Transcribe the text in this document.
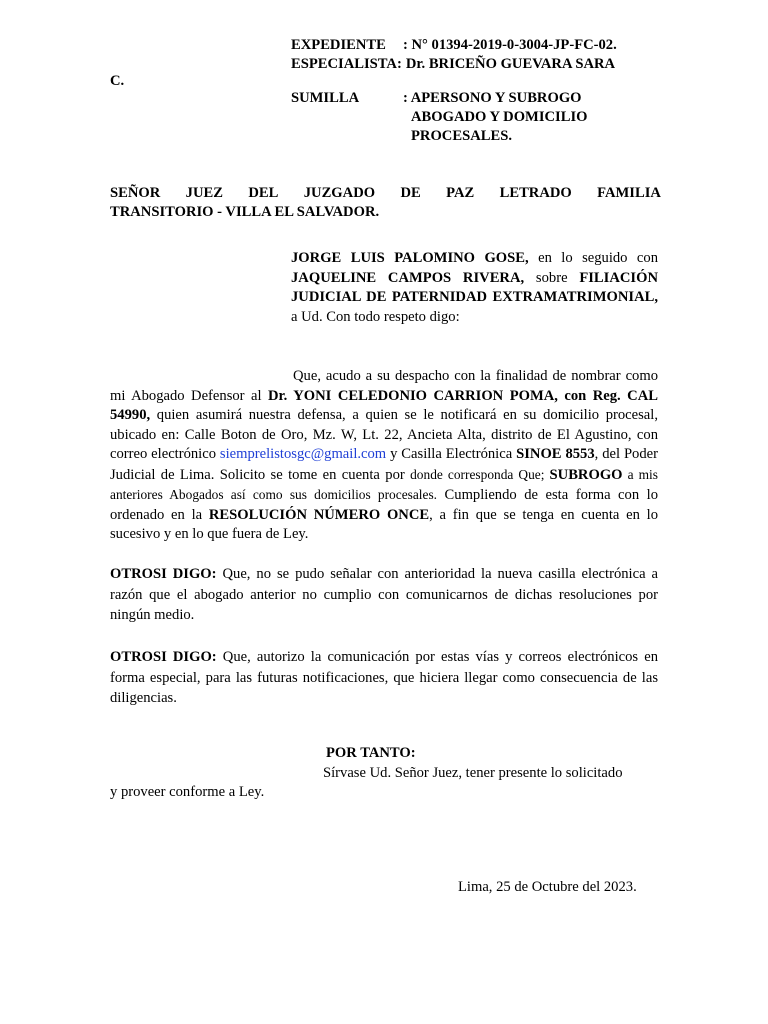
EXPEDIENTE	: N° 01394-2019-0-3004-JP-FC-02.
ESPECIALISTA: Dr. BRICEÑO GUEVARA SARA
C.
SUMILLA	: APERSONO Y SUBROGO
ABOGADO Y DOMICILIO
PROCESALES.
SEÑOR JUEZ DEL JUZGADO DE PAZ LETRADO FAMILIA
TRANSITORIO - VILLA EL SALVADOR.
JORGE LUIS PALOMINO GOSE, en lo seguido con JAQUELINE CAMPOS RIVERA, sobre FILIACIÓN JUDICIAL DE PATERNIDAD EXTRAMATRIMONIAL, a Ud. Con todo respeto digo:
Que, acudo a su despacho con la finalidad de nombrar como mi Abogado Defensor al Dr. YONI CELEDONIO CARRION POMA, con Reg. CAL 54990, quien asumirá nuestra defensa, a quien se le notificará en su domicilio procesal, ubicado en: Calle Boton de Oro, Mz. W, Lt. 22, Ancieta Alta, distrito de El Agustino, con correo electrónico siemprelistosgc@gmail.com y Casilla Electrónica SINOE 8553, del Poder Judicial de Lima. Solicito se tome en cuenta por donde corresponda Que; SUBROGO a mis anteriores Abogados así como sus domicilios procesales. Cumpliendo de esta forma con lo ordenado en la RESOLUCIÓN NÚMERO ONCE, a fin que se tenga en cuenta en lo sucesivo y en lo que fuera de Ley.
OTROSI DIGO: Que, no se pudo señalar con anterioridad la nueva casilla electrónica a razón que el abogado anterior no cumplio con comunicarnos de dichas resoluciones por ningún medio.
OTROSI DIGO: Que, autorizo la comunicación por estas vías y correos electrónicos en forma especial, para las futuras notificaciones, que hiciera llegar como consecuencia de las diligencias.
POR TANTO:
Sírvase Ud. Señor Juez, tener presente lo solicitado
y proveer conforme a Ley.
Lima, 25 de Octubre del 2023.
